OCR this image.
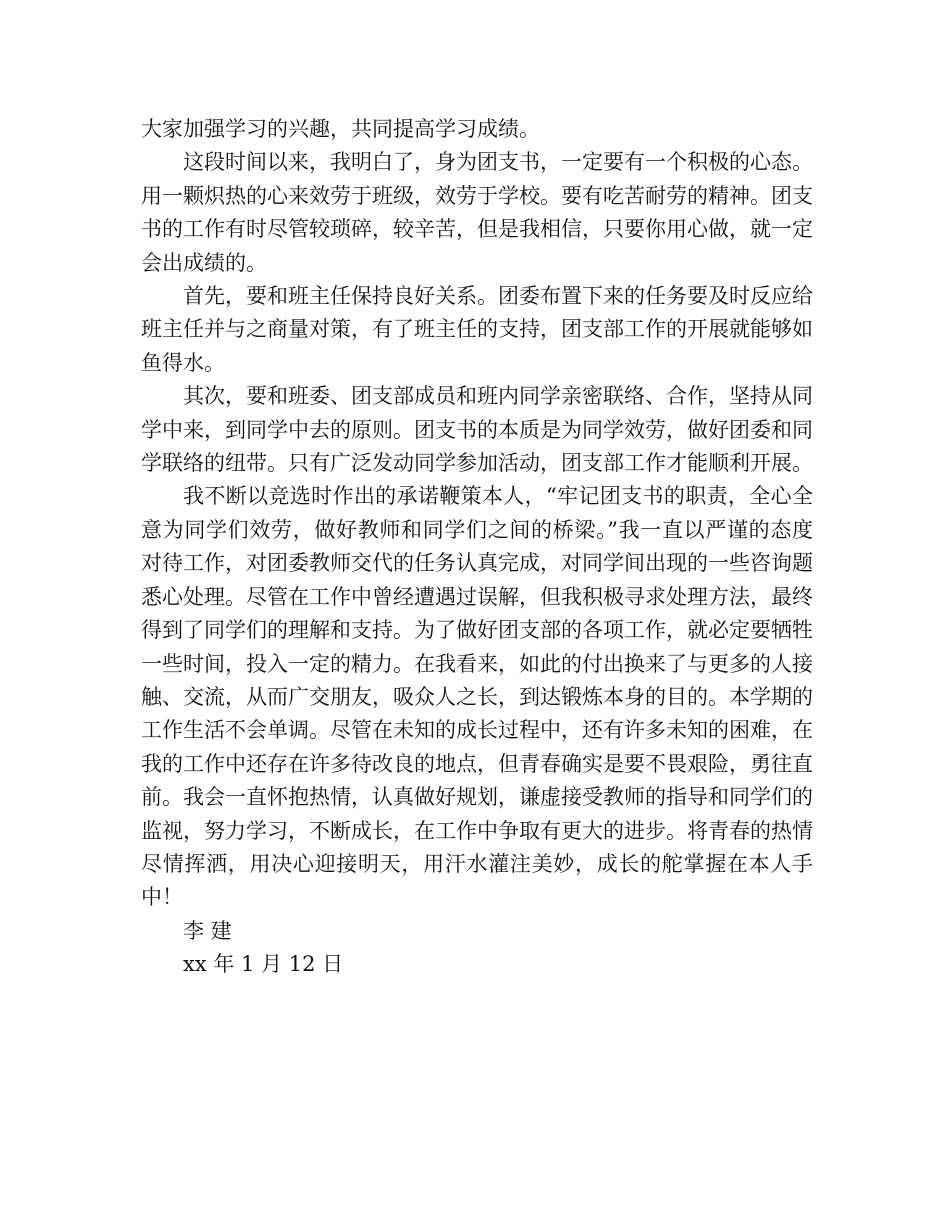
大家加强学习的兴趣，共同提高学习成绩。

这段时间以来，我明白了，身为团支书，一定要有一个积极的心态。用一颗炽热的心来效劳于班级，效劳于学校。要有吃苦耐劳的精神。团支书的工作有时尽管较琐碎，较辛苦，但是我相信，只要你用心做，就一定会出成绩的。

首先，要和班主任保持良好关系。团委布置下来的任务要及时反应给班主任并与之商量对策，有了班主任的支持，团支部工作的开展就能够如鱼得水。

其次，要和班委、团支部成员和班内同学亲密联络、合作，坚持从同学中来，到同学中去的原则。团支书的本质是为同学效劳，做好团委和同学联络的纽带。只有广泛发动同学参加活动，团支部工作才能顺利开展。

我不断以竞选时作出的承诺鞭策本人，“牢记团支书的职责，全心全意为同学们效劳，做好教师和同学们之间的桥梁。”我一直以严谨的态度对待工作，对团委教师交代的任务认真完成，对同学间出现的一些咨询题悉心处理。尽管在工作中曾经遭遇过误解，但我积极寻求处理方法，最终得到了同学们的理解和支持。为了做好团支部的各项工作，就必定要牺牲一些时间，投入一定的精力。在我看来，如此的付出换来了与更多的人接触、交流，从而广交朋友，吸众人之长，到达锻炼本身的目的。本学期的工作生活不会单调。尽管在未知的成长过程中，还有许多未知的困难，在我的工作中还存在许多待改良的地点，但青春确实是要不畏艰险，勇往直前。我会一直怀抱热情，认真做好规划，谦虚接受教师的指导和同学们的监视，努力学习，不断成长，在工作中争取有更大的进步。将青春的热情尽情挥洒，用决心迎接明天，用汗水灌注美妙，成长的舵掌握在本人手中！

李 建

xx 年 1 月 12 日
